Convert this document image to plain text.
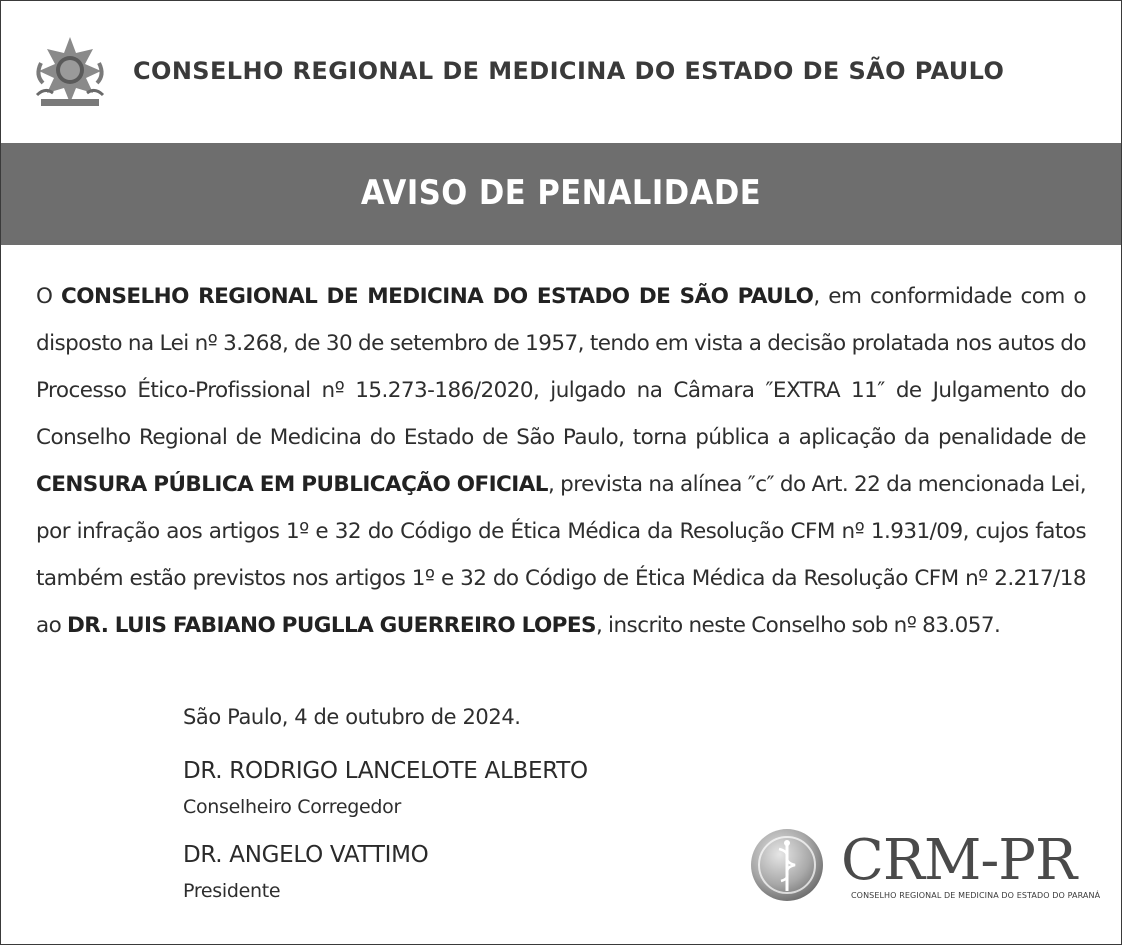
CONSELHO REGIONAL DE MEDICINA DO ESTADO DE SÃO PAULO
AVISO DE PENALIDADE
O CONSELHO REGIONAL DE MEDICINA DO ESTADO DE SÃO PAULO, em conformidade com o disposto na Lei nº 3.268, de 30 de setembro de 1957, tendo em vista a decisão prolatada nos autos do Processo Ético-Profissional nº 15.273-186/2020, julgado na Câmara ″EXTRA 11″ de Julgamento do Conselho Regional de Medicina do Estado de São Paulo, torna pública a aplicação da penalidade de CENSURA PÚBLICA EM PUBLICAÇÃO OFICIAL, prevista na alínea ″c″ do Art. 22 da mencionada Lei, por infração aos artigos 1º e 32 do Código de Ética Médica da Resolução CFM nº 1.931/09, cujos fatos também estão previstos nos artigos 1º e 32 do Código de Ética Médica da Resolução CFM nº 2.217/18 ao DR. LUIS FABIANO PUGLLA GUERREIRO LOPES, inscrito neste Conselho sob nº 83.057.
São Paulo, 4 de outubro de 2024.
DR. RODRIGO LANCELOTE ALBERTO
Conselheiro Corregedor
DR. ANGELO VATTIMO
Presidente	CRM-PR
CONSELHO REGIONAL DE MEDICINA DO ESTADO DO PARANÁ
